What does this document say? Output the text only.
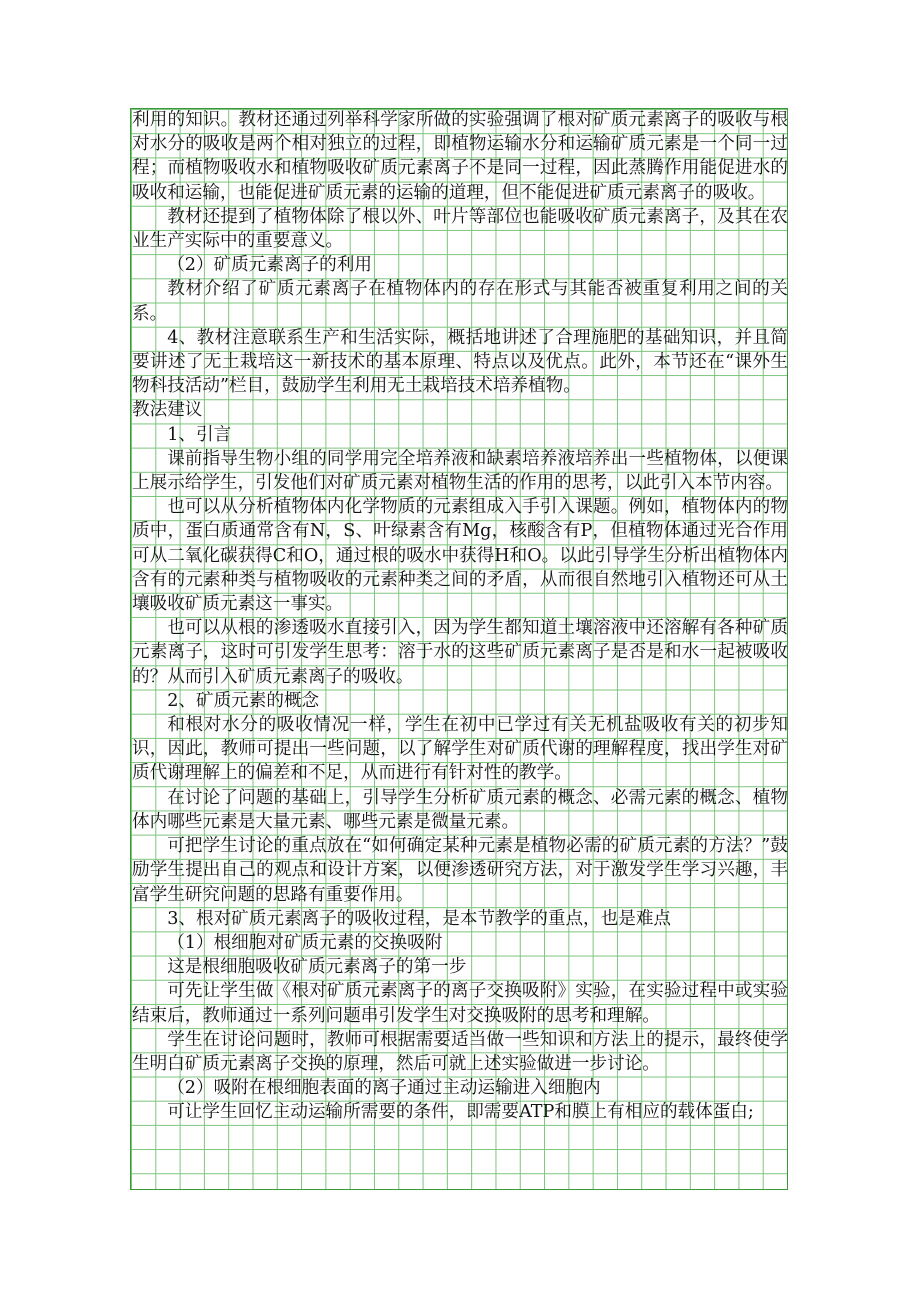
利用的知识。教材还通过列举科学家所做的实验强调了根对矿质元素离子的吸收与根对水分的吸收是两个相对独立的过程，即植物运输水分和运输矿质元素是一个同一过程；而植物吸收水和植物吸收矿质元素离子不是同一过程，因此蒸腾作用能促进水的吸收和运输，也能促进矿质元素的运输的道理，但不能促进矿质元素离子的吸收。

教材还提到了植物体除了根以外、叶片等部位也能吸收矿质元素离子，及其在农业生产实际中的重要意义。

（2）矿质元素离子的利用

教材介绍了矿质元素离子在植物体内的存在形式与其能否被重复利用之间的关系。

4、教材注意联系生产和生活实际，概括地讲述了合理施肥的基础知识，并且简要讲述了无土栽培这一新技术的基本原理、特点以及优点。此外，本节还在“课外生物科技活动”栏目，鼓励学生利用无土栽培技术培养植物。

教法建议

1、引言

课前指导生物小组的同学用完全培养液和缺素培养液培养出一些植物体，以便课上展示给学生，引发他们对矿质元素对植物生活的作用的思考，以此引入本节内容。

也可以从分析植物体内化学物质的元素组成入手引入课题。例如，植物体内的物质中，蛋白质通常含有N，S、叶绿素含有Mg，核酸含有P，但植物体通过光合作用可从二氧化碳获得C和O，通过根的吸水中获得H和O。以此引导学生分析出植物体内含有的元素种类与植物吸收的元素种类之间的矛盾，从而很自然地引入植物还可从土壤吸收矿质元素这一事实。

也可以从根的渗透吸水直接引入，因为学生都知道土壤溶液中还溶解有各种矿质元素离子，这时可引发学生思考：溶于水的这些矿质元素离子是否是和水一起被吸收的？从而引入矿质元素离子的吸收。

2、矿质元素的概念

和根对水分的吸收情况一样，学生在初中已学过有关无机盐吸收有关的初步知识，因此，教师可提出一些问题，以了解学生对矿质代谢的理解程度，找出学生对矿质代谢理解上的偏差和不足，从而进行有针对性的教学。

在讨论了问题的基础上，引导学生分析矿质元素的概念、必需元素的概念、植物体内哪些元素是大量元素、哪些元素是微量元素。

可把学生讨论的重点放在“如何确定某种元素是植物必需的矿质元素的方法？”鼓励学生提出自己的观点和设计方案，以便渗透研究方法，对于激发学生学习兴趣，丰富学生研究问题的思路有重要作用。

3、根对矿质元素离子的吸收过程，是本节教学的重点，也是难点

（1）根细胞对矿质元素的交换吸附

这是根细胞吸收矿质元素离子的第一步

可先让学生做《根对矿质元素离子的离子交换吸附》实验，在实验过程中或实验结束后，教师通过一系列问题串引发学生对交换吸附的思考和理解。

学生在讨论问题时，教师可根据需要适当做一些知识和方法上的提示，最终使学生明白矿质元素离子交换的原理，然后可就上述实验做进一步讨论。

（2）吸附在根细胞表面的离子通过主动运输进入细胞内

可让学生回忆主动运输所需要的条件，即需要ATP和膜上有相应的载体蛋白;
